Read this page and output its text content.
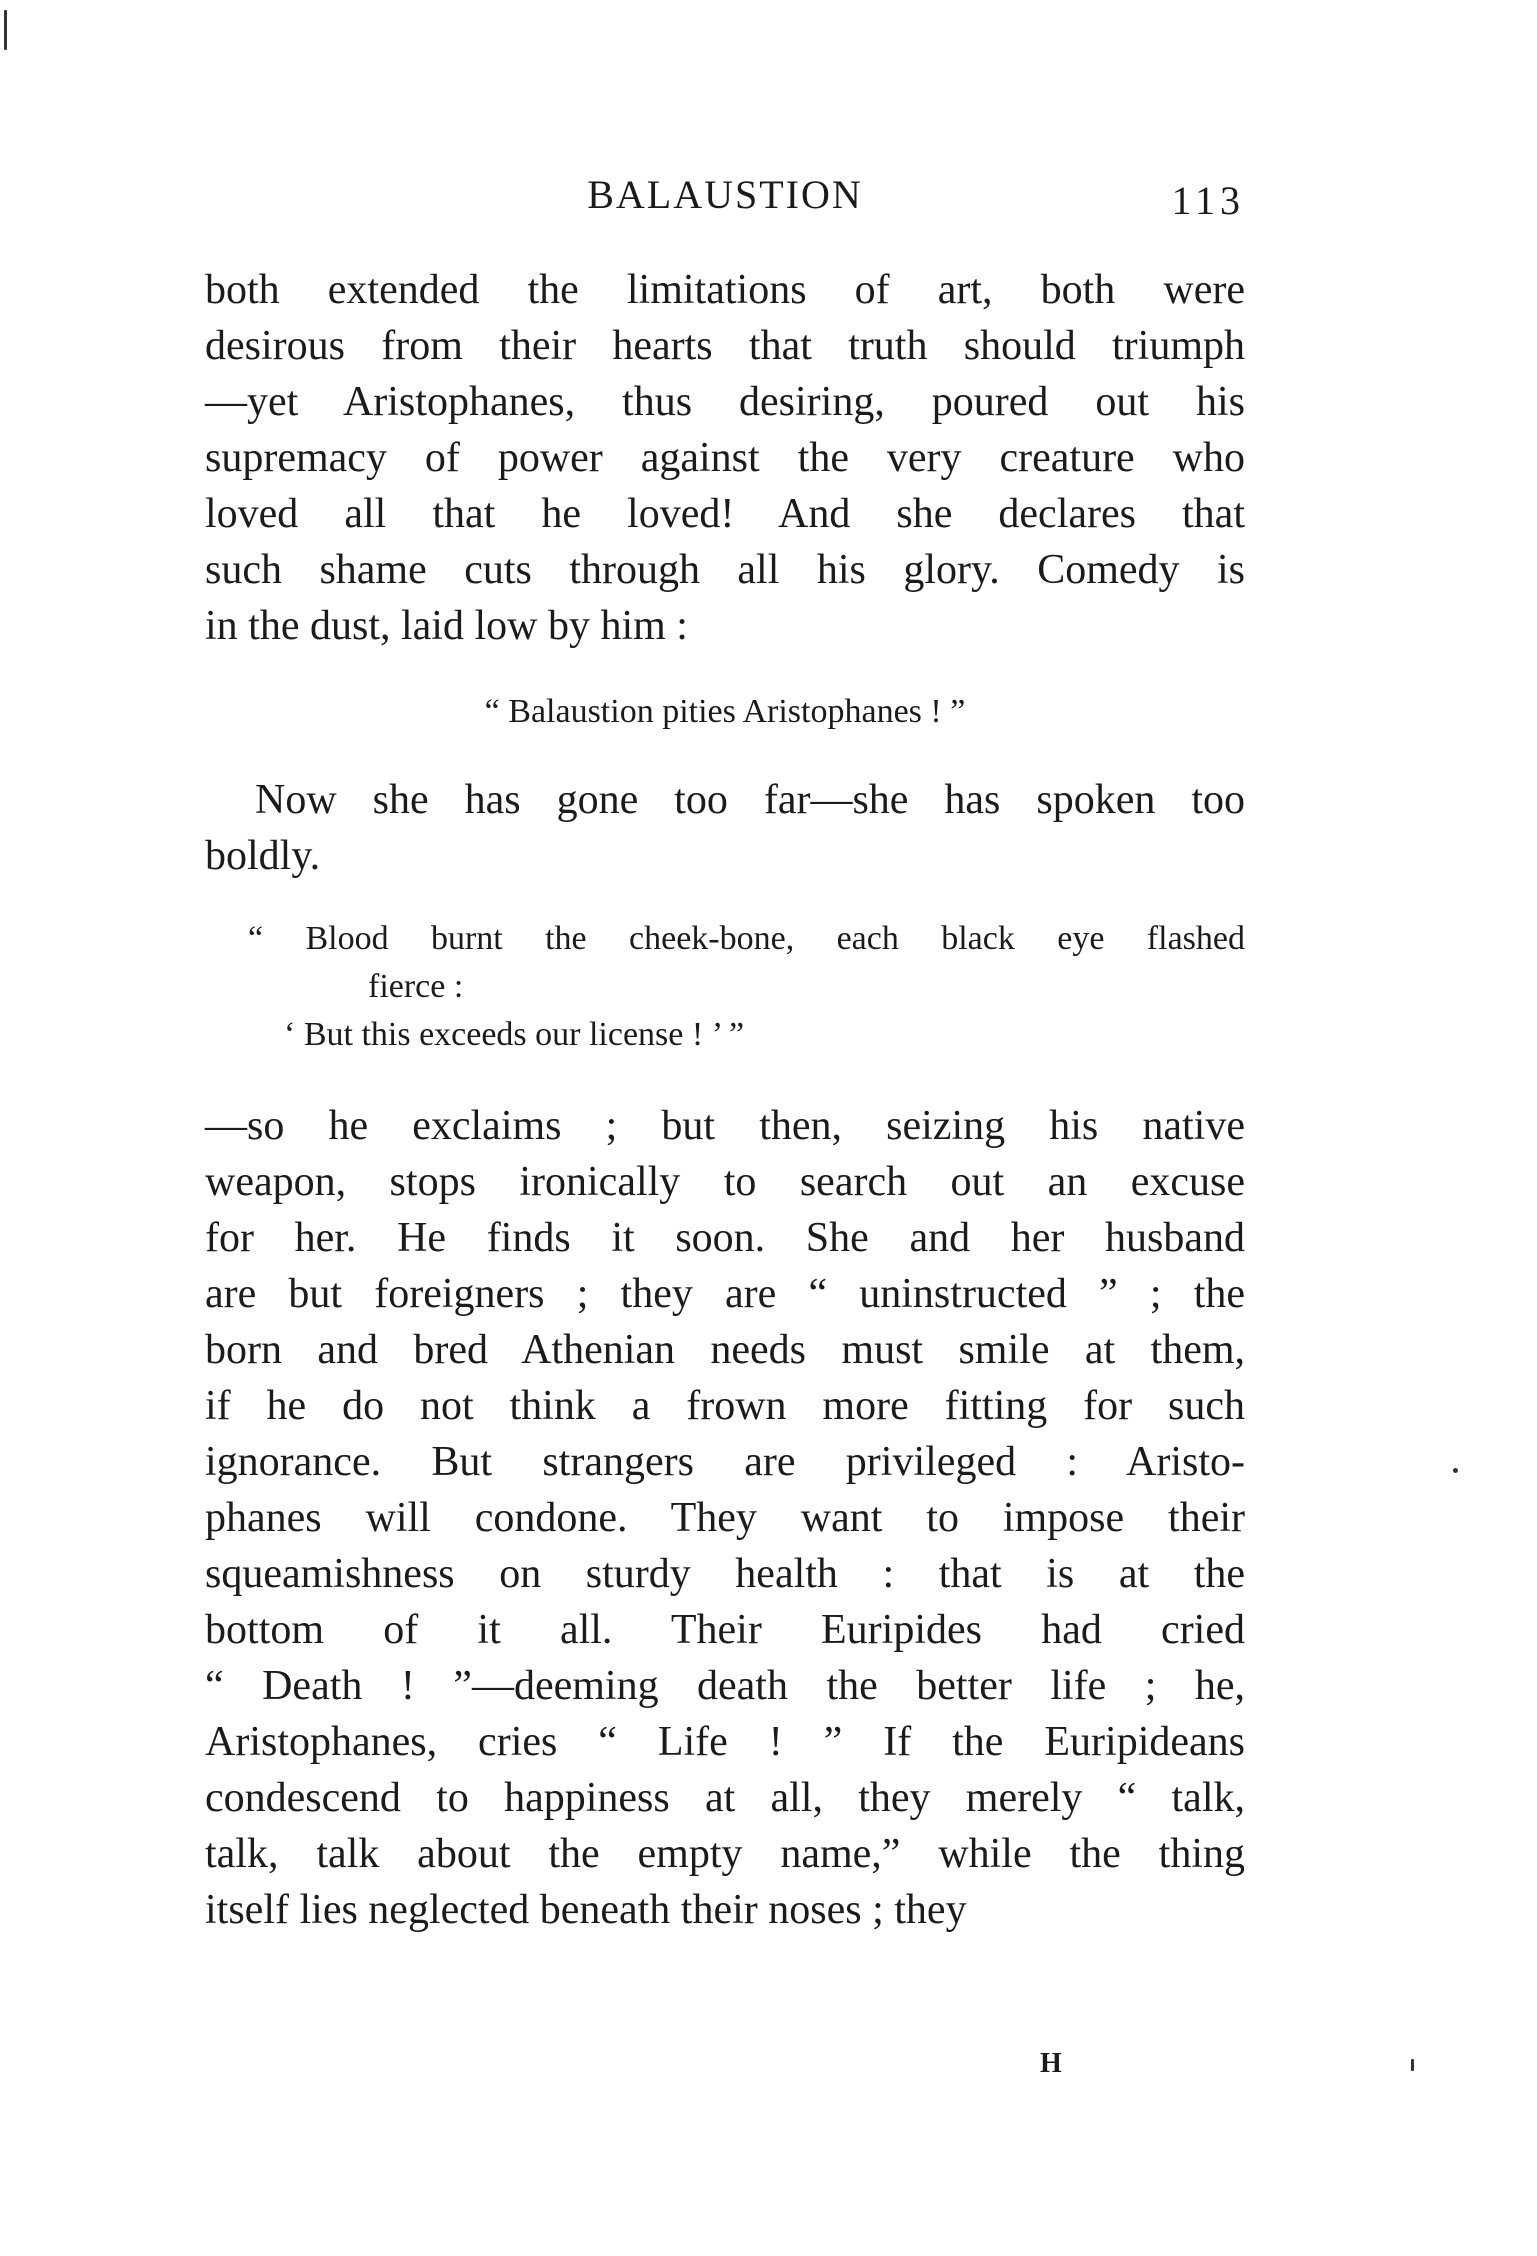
BALAUSTION	113
both extended the limitations of art, both were
desirous from their hearts that truth should triumph
—yet Aristophanes, thus desiring, poured out his
supremacy of power against the very creature who
loved all that he loved! And she declares that
such shame cuts through all his glory. Comedy is
in the dust, laid low by him :
“ Balaustion pities Aristophanes ! ”
Now she has gone too far—she has spoken too
boldly.
“ Blood burnt the cheek-bone, each black eye flashed
fierce :
‘ But this exceeds our license ! ’ ”
—so he exclaims ; but then, seizing his native
weapon, stops ironically to search out an excuse
for her. He finds it soon. She and her husband
are but foreigners ; they are “ uninstructed ” ; the
born and bred Athenian needs must smile at them,
if he do not think a frown more fitting for such
ignorance. But strangers are privileged : Aristo-
phanes will condone. They want to impose their
squeamishness on sturdy health : that is at the
bottom of it all. Their Euripides had cried
“ Death ! ”—deeming death the better life ; he,
Aristophanes, cries “ Life ! ” If the Euripideans
condescend to happiness at all, they merely “ talk,
talk, talk about the empty name,” while the thing
itself lies neglected beneath their noses ; they
H
